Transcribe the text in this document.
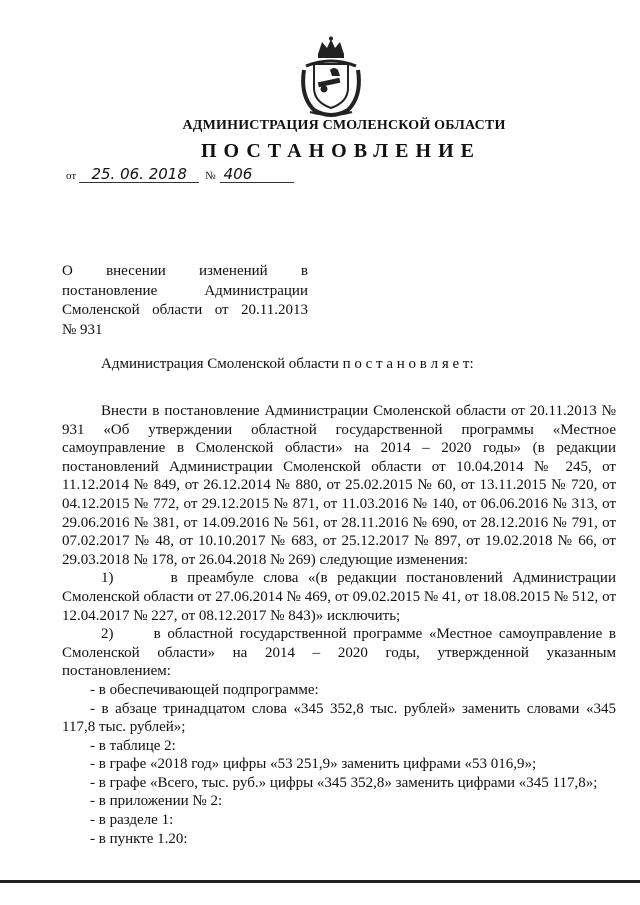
АДМИНИСТРАЦИЯ СМОЛЕНСКОЙ ОБЛАСТИ
ПОСТАНОВЛЕНИЕ
от 25. 06. 2018 № 406
О внесении изменений в
постановление Администрации
Смоленской области от 20.11.2013
№ 931
Администрация Смоленской области п о с т а н о в л я е т:

Внести в постановление Администрации Смоленской области от 20.11.2013 № 931 «Об утверждении областной государственной программы «Местное самоуправление в Смоленской области» на 2014 – 2020 годы» (в редакции постановлений Администрации Смоленской области от 10.04.2014 № 245, от 11.12.2014 № 849, от 26.12.2014 № 880, от 25.02.2015 № 60, от 13.11.2015 № 720, от 04.12.2015 № 772, от 29.12.2015 № 871, от 11.03.2016 № 140, от 06.06.2016 № 313, от 29.06.2016 № 381, от 14.09.2016 № 561, от 28.11.2016 № 690, от 28.12.2016 № 791, от 07.02.2017 № 48, от 10.10.2017 № 683, от 25.12.2017 № 897, от 19.02.2018 № 66, от 29.03.2018 № 178, от 26.04.2018 № 269) следующие изменения:

1)      в преамбуле слова «(в редакции постановлений Администрации Смоленской области от 27.06.2014 № 469, от 09.02.2015 № 41, от 18.08.2015 № 512, от 12.04.2017 № 227, от 08.12.2017 № 843)» исключить;

2)      в областной государственной программе «Местное самоуправление в Смоленской области» на 2014 – 2020 годы, утвержденной указанным постановлением:

- в обеспечивающей подпрограмме:

- в абзаце тринадцатом слова «345 352,8 тыс. рублей» заменить словами «345 117,8 тыс. рублей»;

- в таблице 2:

- в графе «2018 год» цифры «53 251,9» заменить цифрами «53 016,9»;

- в графе «Всего, тыс. руб.» цифры «345 352,8» заменить цифрами «345 117,8»;

- в приложении № 2:

- в разделе 1:

- в пункте 1.20:
